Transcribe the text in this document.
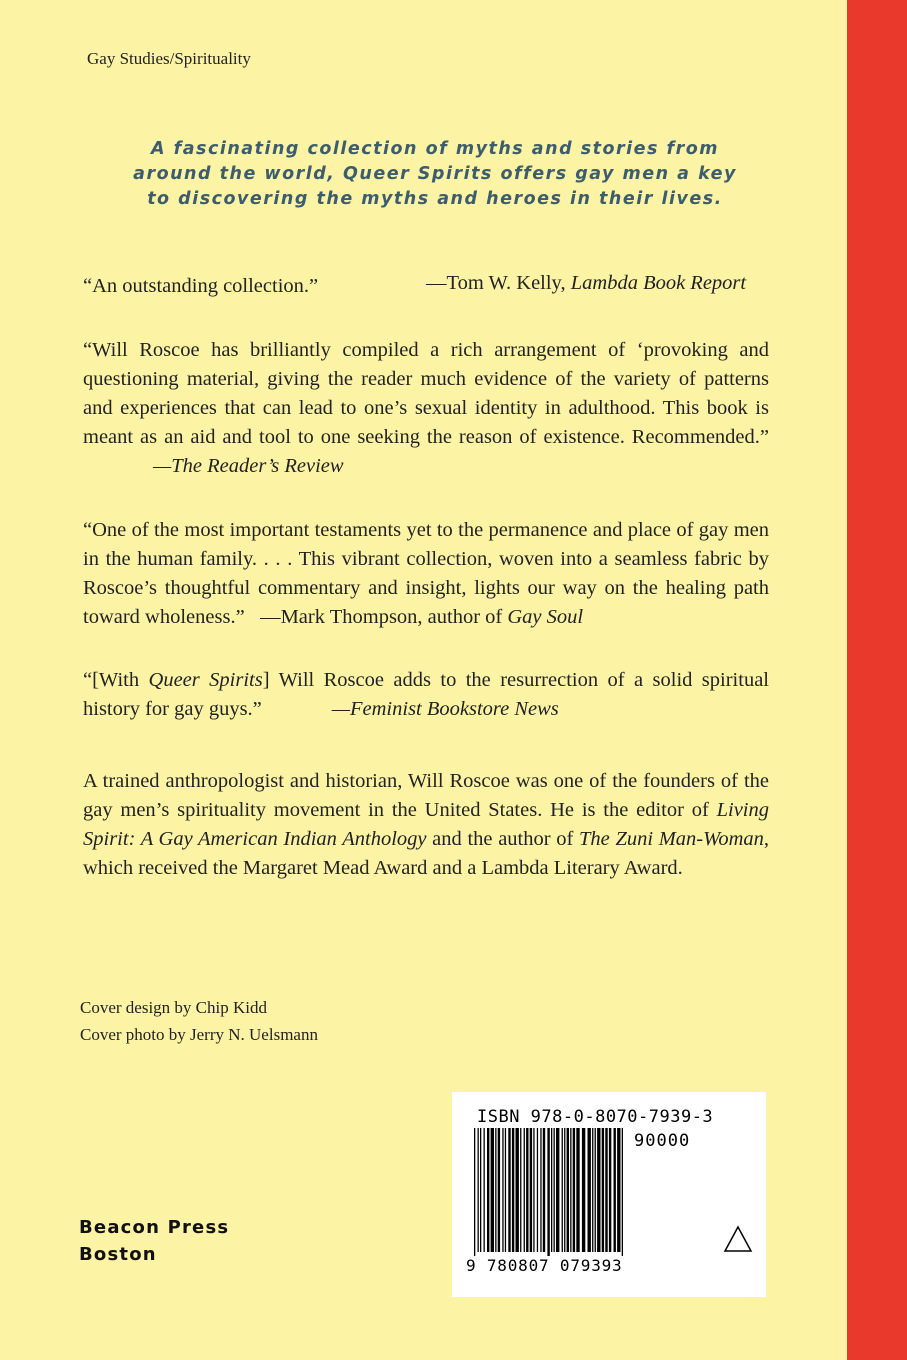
Gay Studies/Spirituality
A fascinating collection of myths and stories from
around the world, Queer Spirits offers gay men a key
to discovering the myths and heroes in their lives.
“An outstanding collection.”	—Tom W. Kelly, Lambda Book Report
“Will Roscoe has brilliantly compiled a rich arrangement of ‘provoking and questioning material, giving the reader much evidence of the variety of patterns and experiences that can lead to one’s sexual identity in adulthood. This book is meant as an aid and tool to one seeking the reason of existence. Recommended.”—The Reader’s Review
“One of the most important testaments yet to the permanence and place of gay men in the human family. . . . This vibrant collection, woven into a seamless fabric by Roscoe’s thoughtful commentary and insight, lights our way on the healing path toward wholeness.” —Mark Thompson, author of Gay Soul
“[With Queer Spirits] Will Roscoe adds to the resurrection of a solid spiritual history for gay guys.”	—Feminist Bookstore News
A trained anthropologist and historian, Will Roscoe was one of the founders of the gay men’s spirituality movement in the United States. He is the editor of Living Spirit: A Gay American Indian Anthology and the author of The Zuni Man-Woman, which received the Margaret Mead Award and a Lambda Literary Award.
Cover design by Chip Kidd
Cover photo by Jerry N. Uelsmann
Beacon Press
Boston
ISBN 978-0-8070-7939-3
90000
9 780807 079393
